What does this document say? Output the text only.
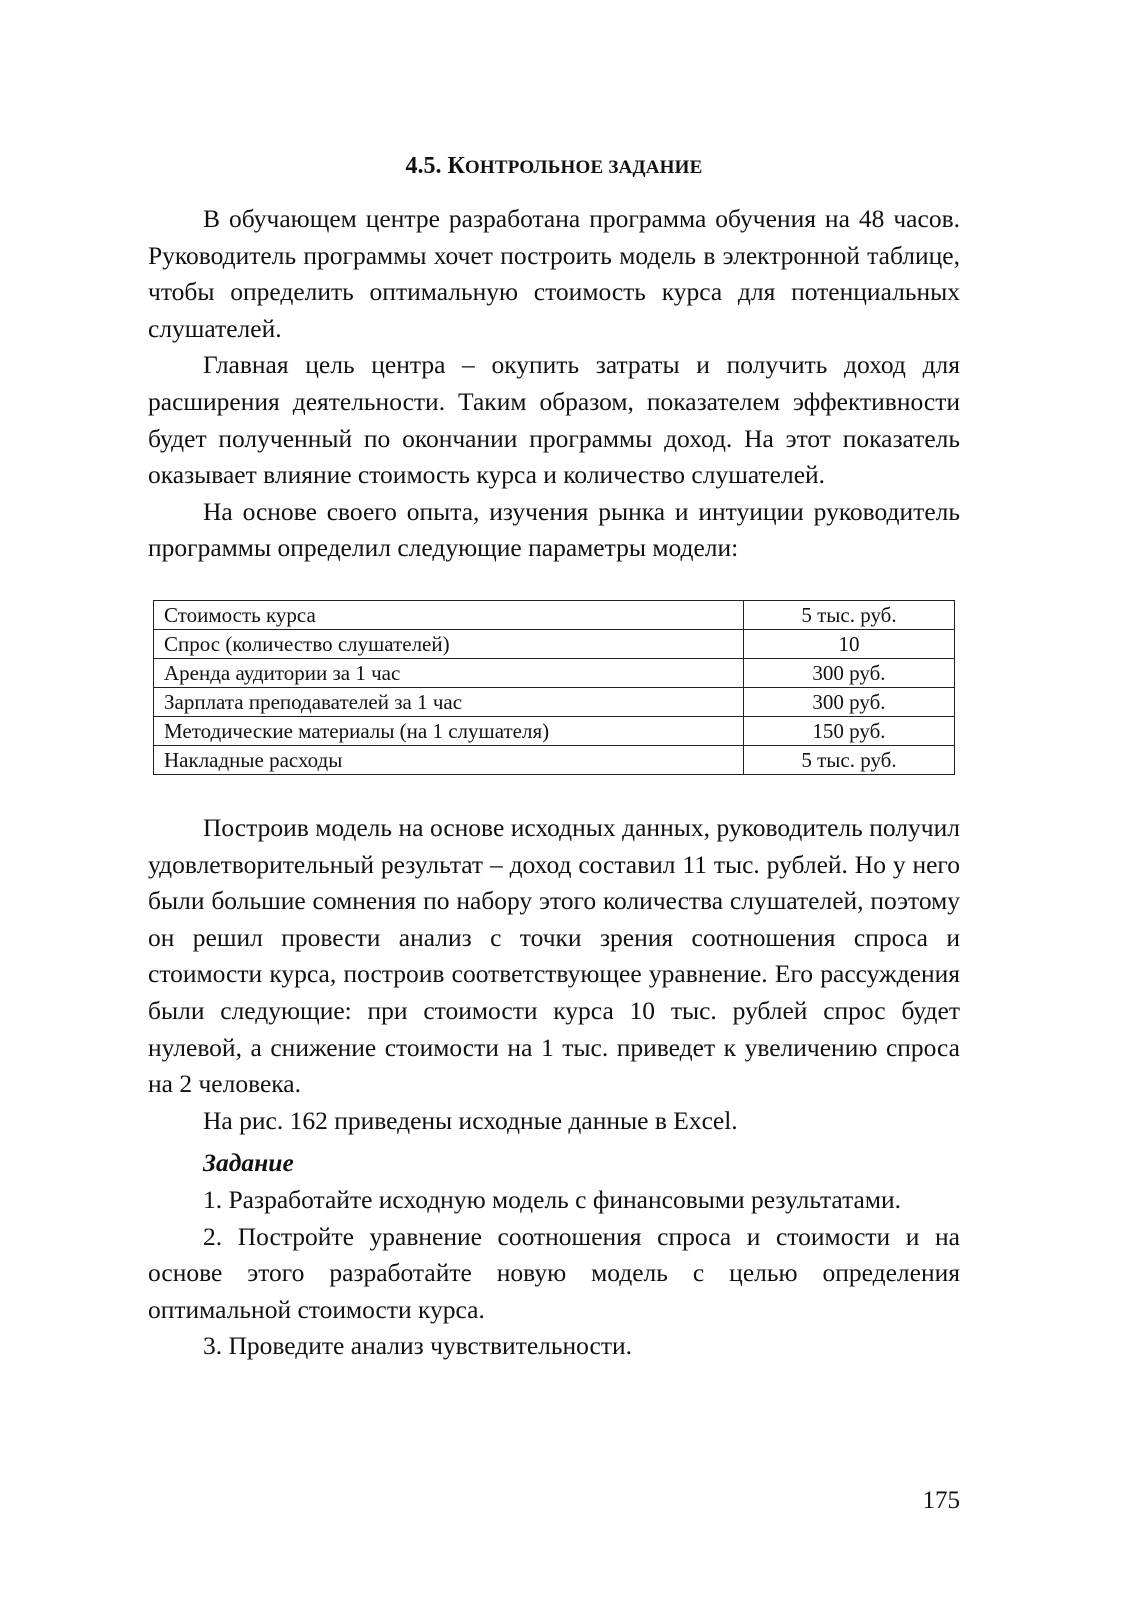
4.5. КОНТРОЛЬНОЕ ЗАДАНИЕ

В обучающем центре разработана программа обучения на 48 часов. Руководитель программы хочет построить модель в электронной таблице, чтобы определить оптимальную стоимость курса для потенциальных слушателей.

Главная цель центра – окупить затраты и получить доход для расширения деятельности. Таким образом, показателем эффективности будет полученный по окончании программы доход. На этот показатель оказывает влияние стоимость курса и количество слушателей.

На основе своего опыта, изучения рынка и интуиции руководитель программы определил следующие параметры модели:

Стоимость курса	5 тыс. руб.
Спрос (количество слушателей)	10
Аренда аудитории за 1 час	300 руб.
Зарплата преподавателей за 1 час	300 руб.
Методические материалы (на 1 слушателя)	150 руб.
Накладные расходы	5 тыс. руб.

Построив модель на основе исходных данных, руководитель получил удовлетворительный результат – доход составил 11 тыс. рублей. Но у него были большие сомнения по набору этого количества слушателей, поэтому он решил провести анализ с точки зрения соотношения спроса и стоимости курса, построив соответствующее уравнение. Его рассуждения были следующие: при стоимости курса 10 тыс. рублей спрос будет нулевой, а снижение стоимости на 1 тыс. приведет к увеличению спроса на 2 человека.

На рис. 162 приведены исходные данные в Excel.

Задание

1. Разработайте исходную модель с финансовыми результатами.

2. Постройте уравнение соотношения спроса и стоимости и на основе этого разработайте новую модель с целью определения оптимальной стоимости курса.

3. Проведите анализ чувствительности.

175
